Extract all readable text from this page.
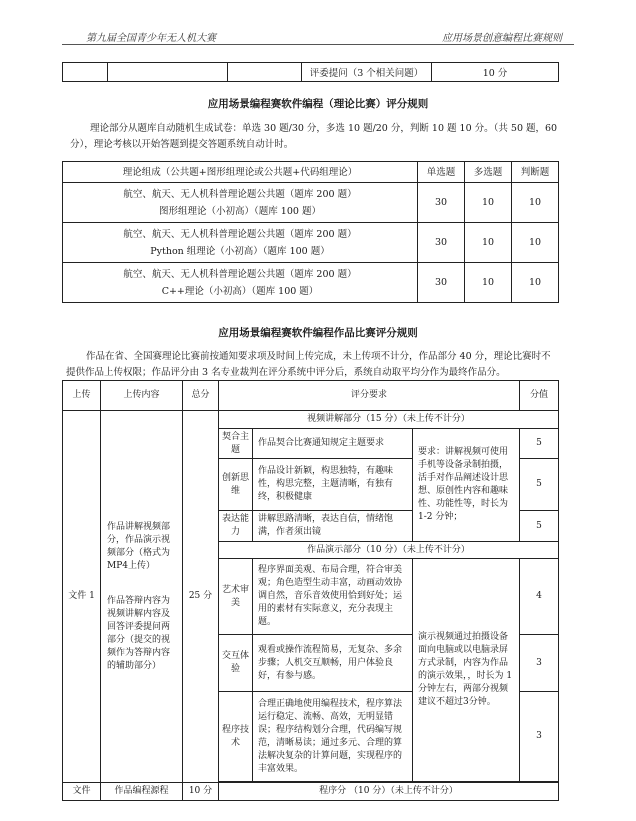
第九届全国青少年无人机大赛	应用场景创意编程比赛规则
			评委提问（3 个相关问题）	10 分
应用场景编程赛软件编程（理论比赛）评分规则
理论部分从题库自动随机生成试卷：单选 30 题/30 分，多选 10 题/20 分，判断 10 题 10 分。（共 50 题，60 分），理论考核以开始答题到提交答题系统自动计时。
理论组成（公共题+图形组理论或公共题+代码组理论）	单选题	多选题	判断题

航空、航天、无人机科普理论题公共题（题库 200 题）
图形组理论（小初高）（题库 100 题）	30	10	10

航空、航天、无人机科普理论题公共题（题库 200 题）
Python 组理论（小初高）（题库 100 题）	30	10	10

航空、航天、无人机科普理论题公共题（题库 200 题）
C++理论（小初高）（题库 100 题）	30	10	10
应用场景编程赛软件编程作品比赛评分规则
作品在省、全国赛理论比赛前按通知要求项及时间上传完成，未上传项不计分，作品部分 40 分，理论比赛时不提供作品上传权限；作品评分由 3 名专业裁判在评分系统中评分后，系统自动取平均分作为最终作品分。
上传	上传内容	总分	评分要求			分值
文件 1	作品讲解视频部分，作品演示视频部分（格式为MP4上传）
作品答辩内容为视频讲解内容及回答评委提问两部分（提交的视频作为答辩内容的辅助部分）	25 分	视频讲解部分（15 分）（未上传不计分）			
			契合主题	作品契合比赛通知规定主题要求	要求：讲解视频可使用手机等设备录制拍摄，活手对作品阐述设计思想、原创性内容和趣味性、功能性等，时长为 1-2 分钟；	5
			创新思维	作品设计新颖，构思独特，有趣味性，构思完整，主题清晰，有独有终，积极健康		5
			表达能力	讲解思路清晰，表达自信，情绪饱满，作者须出镜		5
			作品演示部分（10 分）（未上传不计分）			
			艺术审美	程序界面美观、布局合理，符合审美观；角色造型生动丰富，动画动效协调自然，音乐音效使用恰到好处；运用的素材有实际意义，充分表现主题。	演示视频通过拍摄设备面向电脑或以电脑录屏方式录制，内容为作品的演示效果，，时长为 1 分钟左右，两部分视频建议不超过3分钟。	4
			交互体验	观看或操作流程简易，无复杂、多余步骤；人机交互顺畅，用户体验良好，有参与感。		3
			程序技术	合理正确地使用编程技术，程序算法运行稳定、流畅、高效，无明显错误；程序结构划分合理，代码编写规范，清晰易读；通过多元、合理的算法解决复杂的计算问题，实现程序的丰富效果。		3

文件	作品编程源程	10 分	程序分 （10 分）（未上传不计分）			
